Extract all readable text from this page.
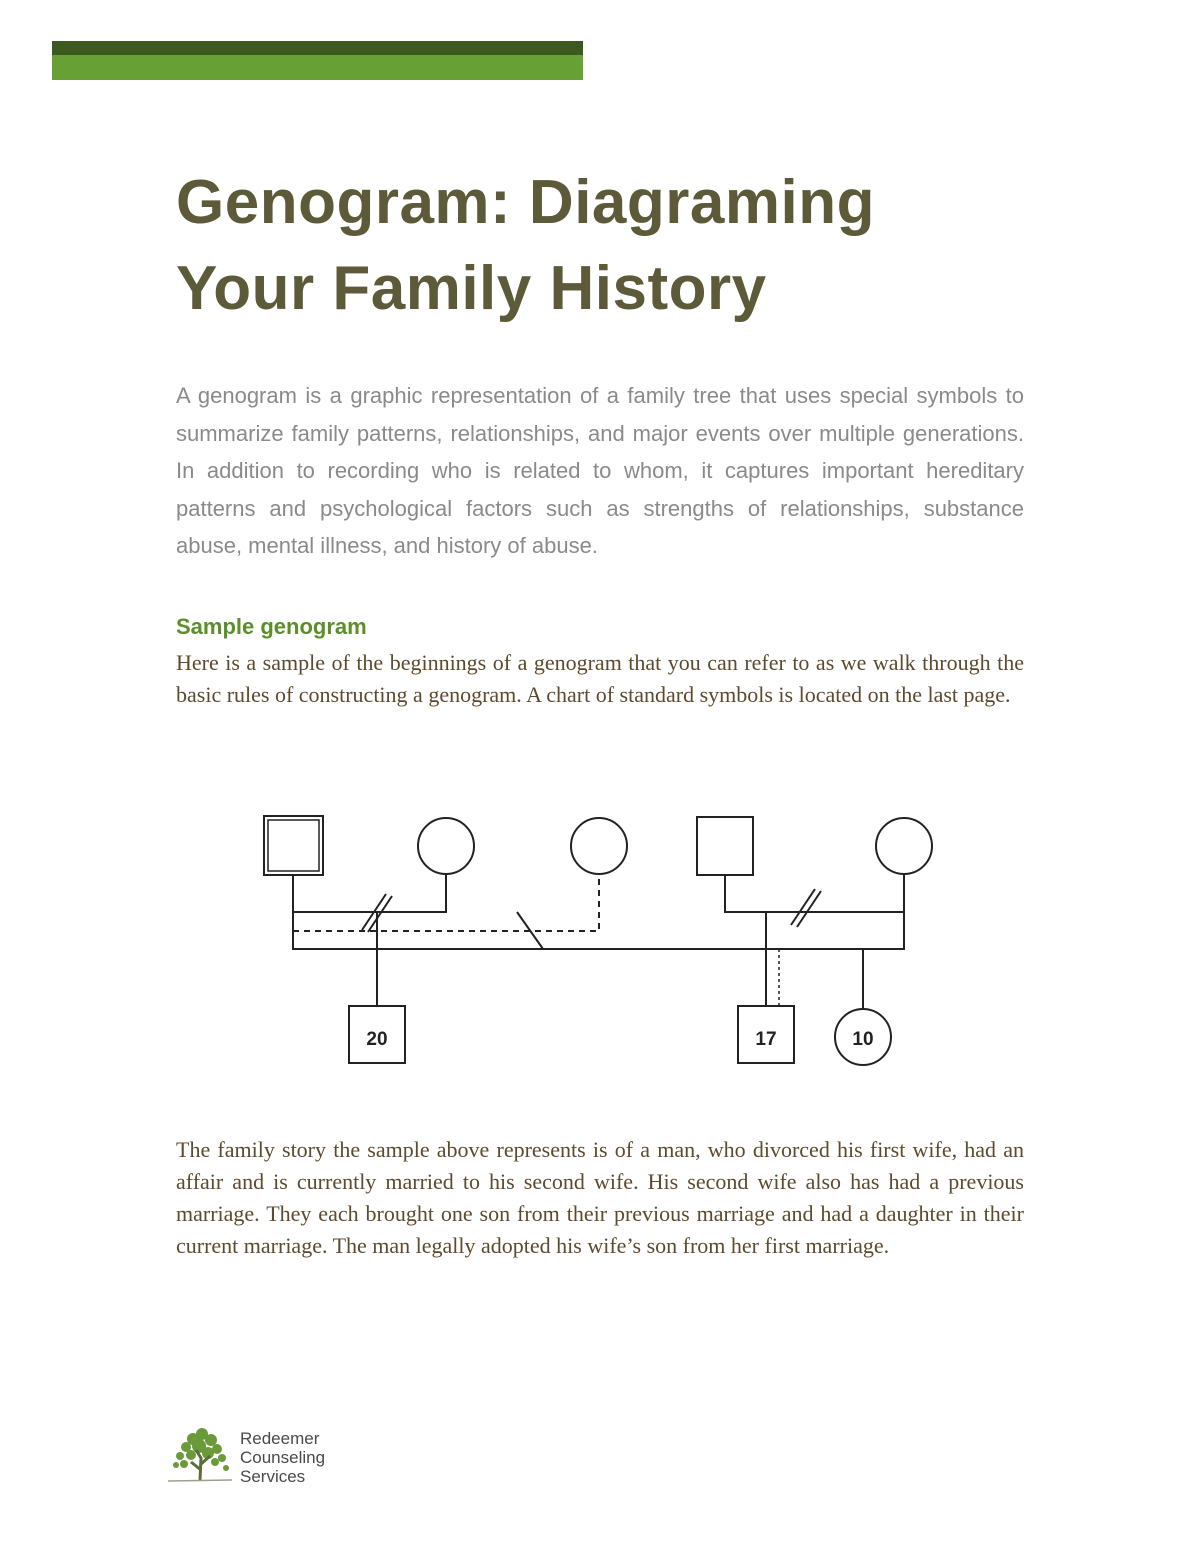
Genogram: Diagraming
Your Family History

A genogram is a graphic representation of a family tree that uses special symbols to summarize family patterns, relationships, and major events over multiple generations. In addition to recording who is related to whom, it captures important hereditary patterns and psychological factors such as strengths of relationships, substance abuse, mental illness, and history of abuse.

Sample genogram

Here is a sample of the beginnings of a genogram that you can refer to as we walk through the basic rules of constructing a genogram. A chart of standard symbols is located on the last page.

20	17	10

The family story the sample above represents is of a man, who divorced his first wife, had an affair and is currently married to his second wife. His second wife also has had a previous marriage. They each brought one son from their previous marriage and had a daughter in their current marriage. The man legally adopted his wife’s son from her first marriage.

Redeemer
Counseling
Services
